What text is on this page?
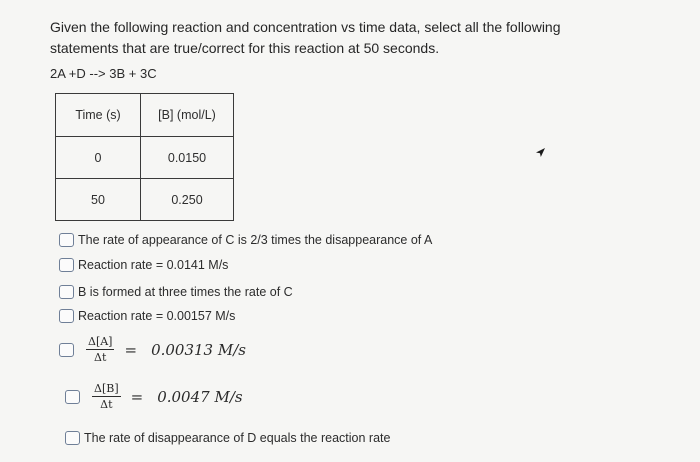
Given the following reaction and concentration vs time data, select all the following statements that are true/correct for this reaction at 50 seconds.
2A +D --> 3B + 3C
Time (s)	[B] (mol/L)
0	0.0150
50	0.250
The rate of appearance of C is 2/3 times the disappearance of A
Reaction rate = 0.0141 M/s
B is formed at three times the rate of C
Reaction rate = 0.00157 M/s
$\frac{\Delta[A]}{\Delta t} = 0.00313$ M/s
$\frac{\Delta[B]}{\Delta t} = 0.0047$ M/s
The rate of disappearance of D equals the reaction rate
